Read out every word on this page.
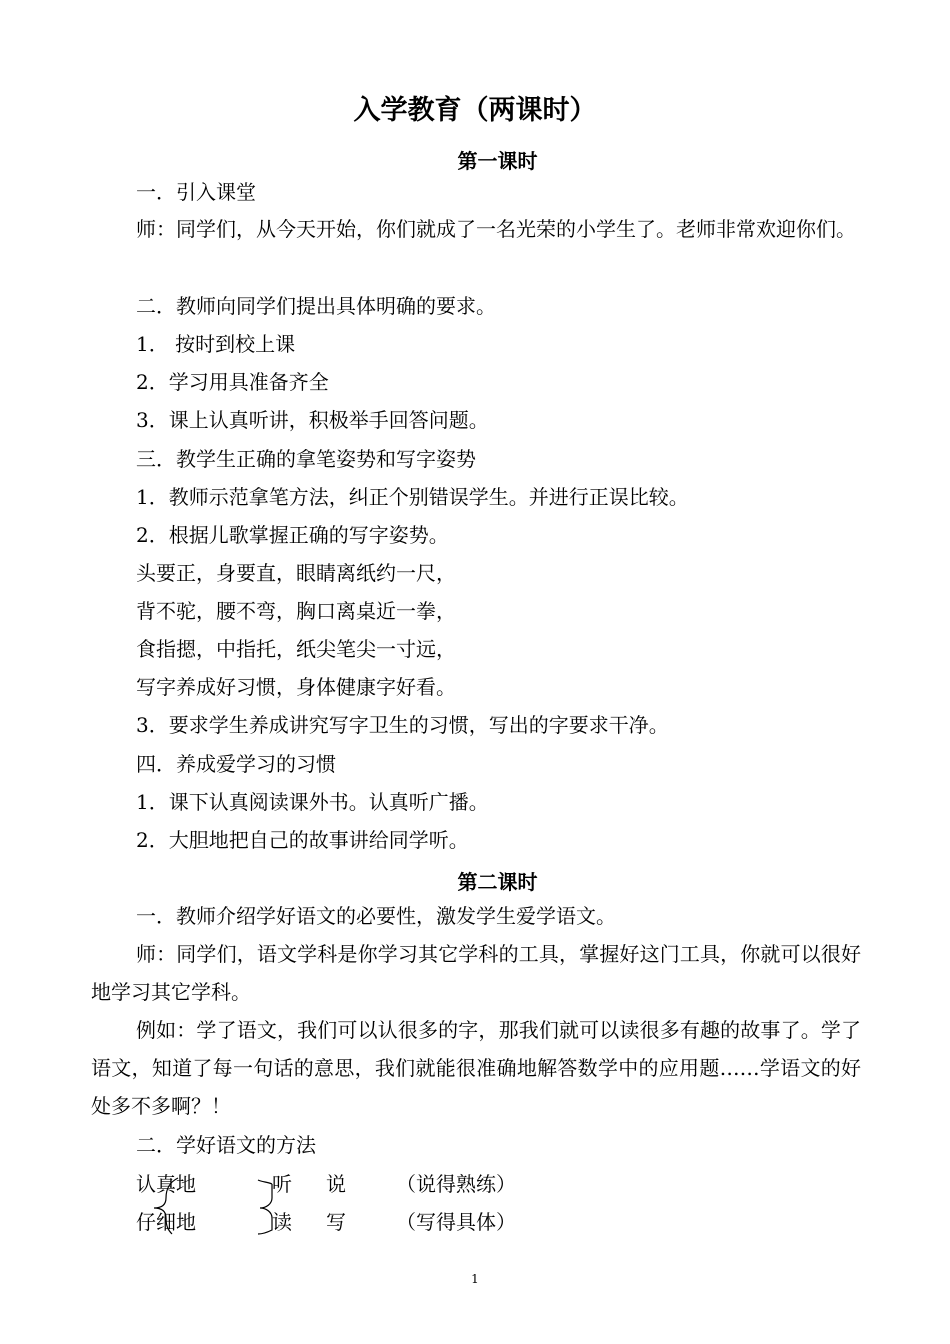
入学教育（两课时）
第一课时
一．引入课堂
师：同学们，从今天开始，你们就成了一名光荣的小学生了。老师非常欢迎你们。
二．教师向同学们提出具体明确的要求。
1． 按时到校上课
2．学习用具准备齐全
3．课上认真听讲，积极举手回答问题。
三．教学生正确的拿笔姿势和写字姿势
1．教师示范拿笔方法，纠正个别错误学生。并进行正误比较。
2．根据儿歌掌握正确的写字姿势。
头要正，身要直，眼睛离纸约一尺，
背不驼，腰不弯，胸口离桌近一拳，
食指摁，中指托，纸尖笔尖一寸远，
写字养成好习惯，身体健康字好看。
3．要求学生养成讲究写字卫生的习惯，写出的字要求干净。
四．养成爱学习的习惯
1．课下认真阅读课外书。认真听广播。
2．大胆地把自己的故事讲给同学听。
第二课时
一．教师介绍学好语文的必要性，激发学生爱学语文。
师：同学们，语文学科是你学习其它学科的工具，掌握好这门工具，你就可以很好地学习其它学科。
例如：学了语文，我们可以认很多的字，那我们就可以读很多有趣的故事了。学了语文，知道了每一句话的意思，我们就能很准确地解答数学中的应用题……学语文的好处多不多啊？！
二．学好语文的方法
认真地	听 说	（说得熟练）
仔细地	读 写	（写得具体）
1
